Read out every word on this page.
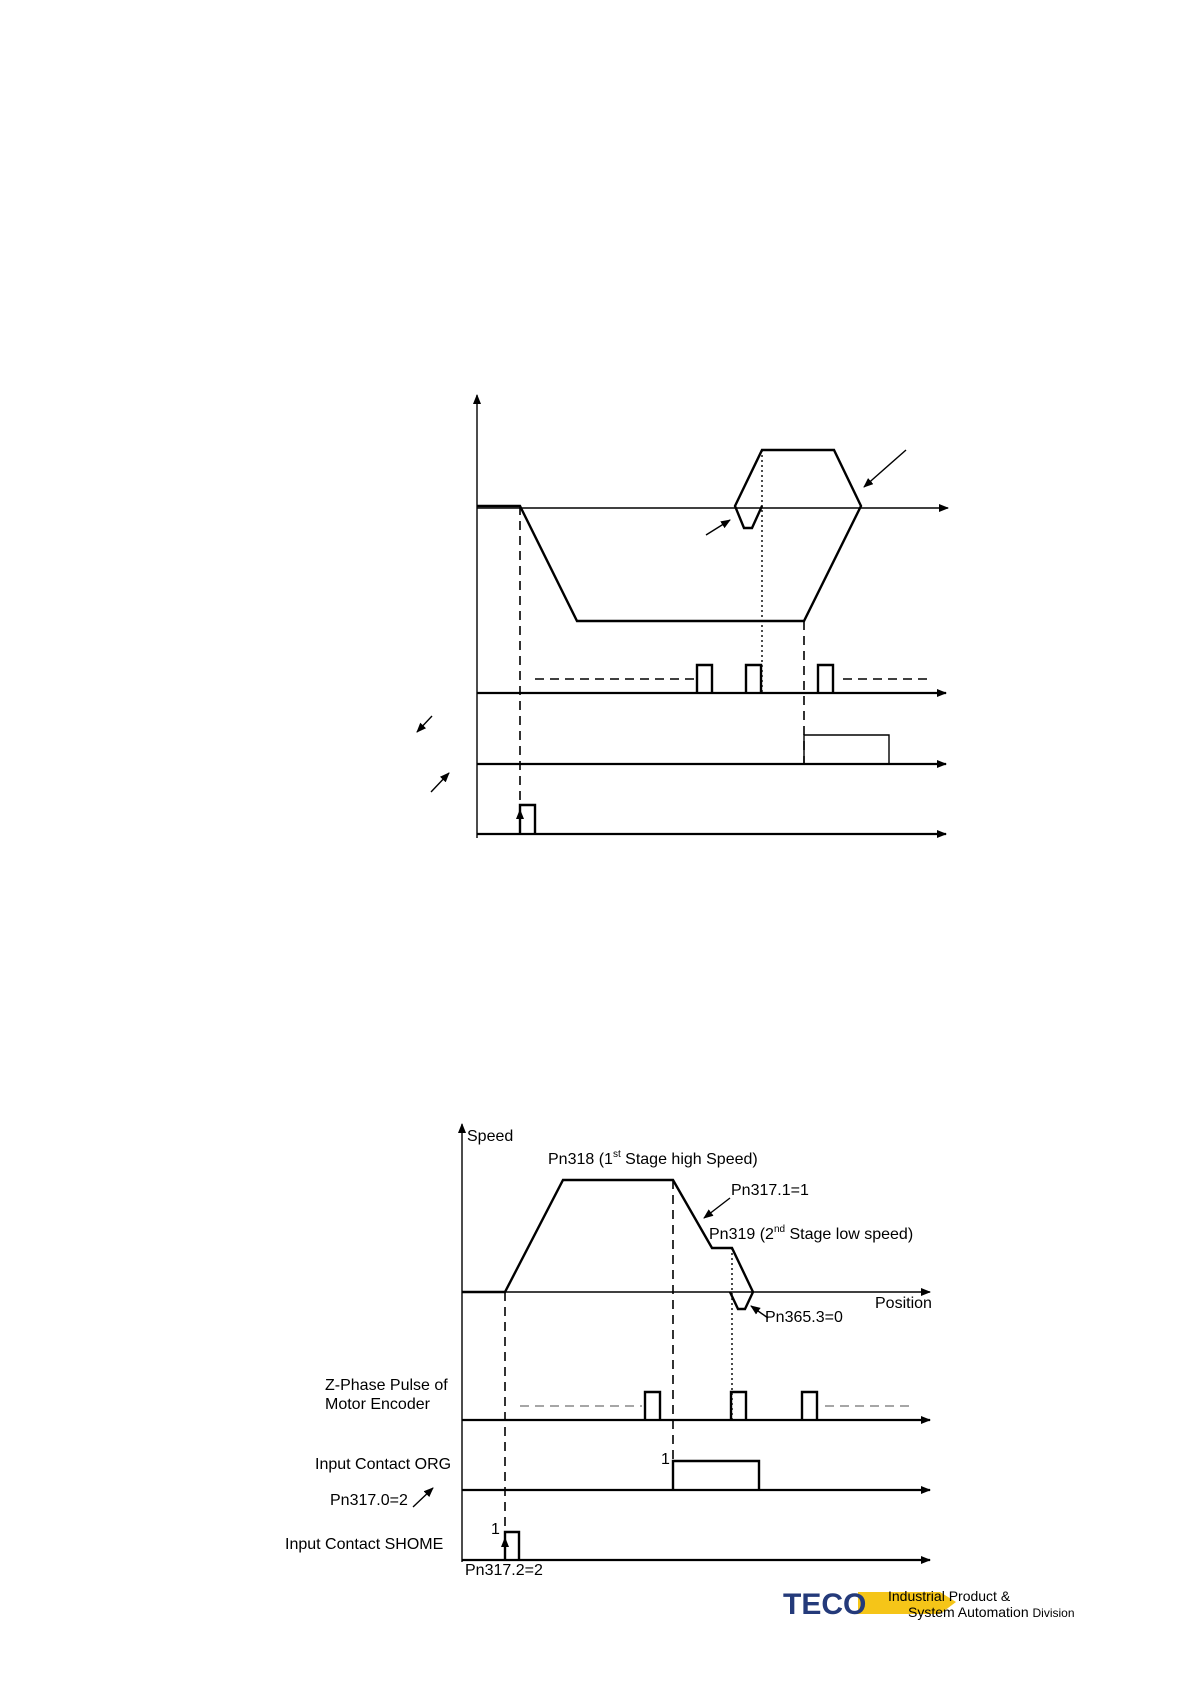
Speed
Position
Pn318 (1st Stage high Speed)
Pn317.1=1
Pn319 (2nd Stage low speed)
Pn365.3=0
Z-Phase Pulse of
Motor Encoder
Input Contact ORG	1
Pn317.0=2
Input Contact SHOME
1
Pn317.2=2
TECO Industrial Product &
System Automation Division
